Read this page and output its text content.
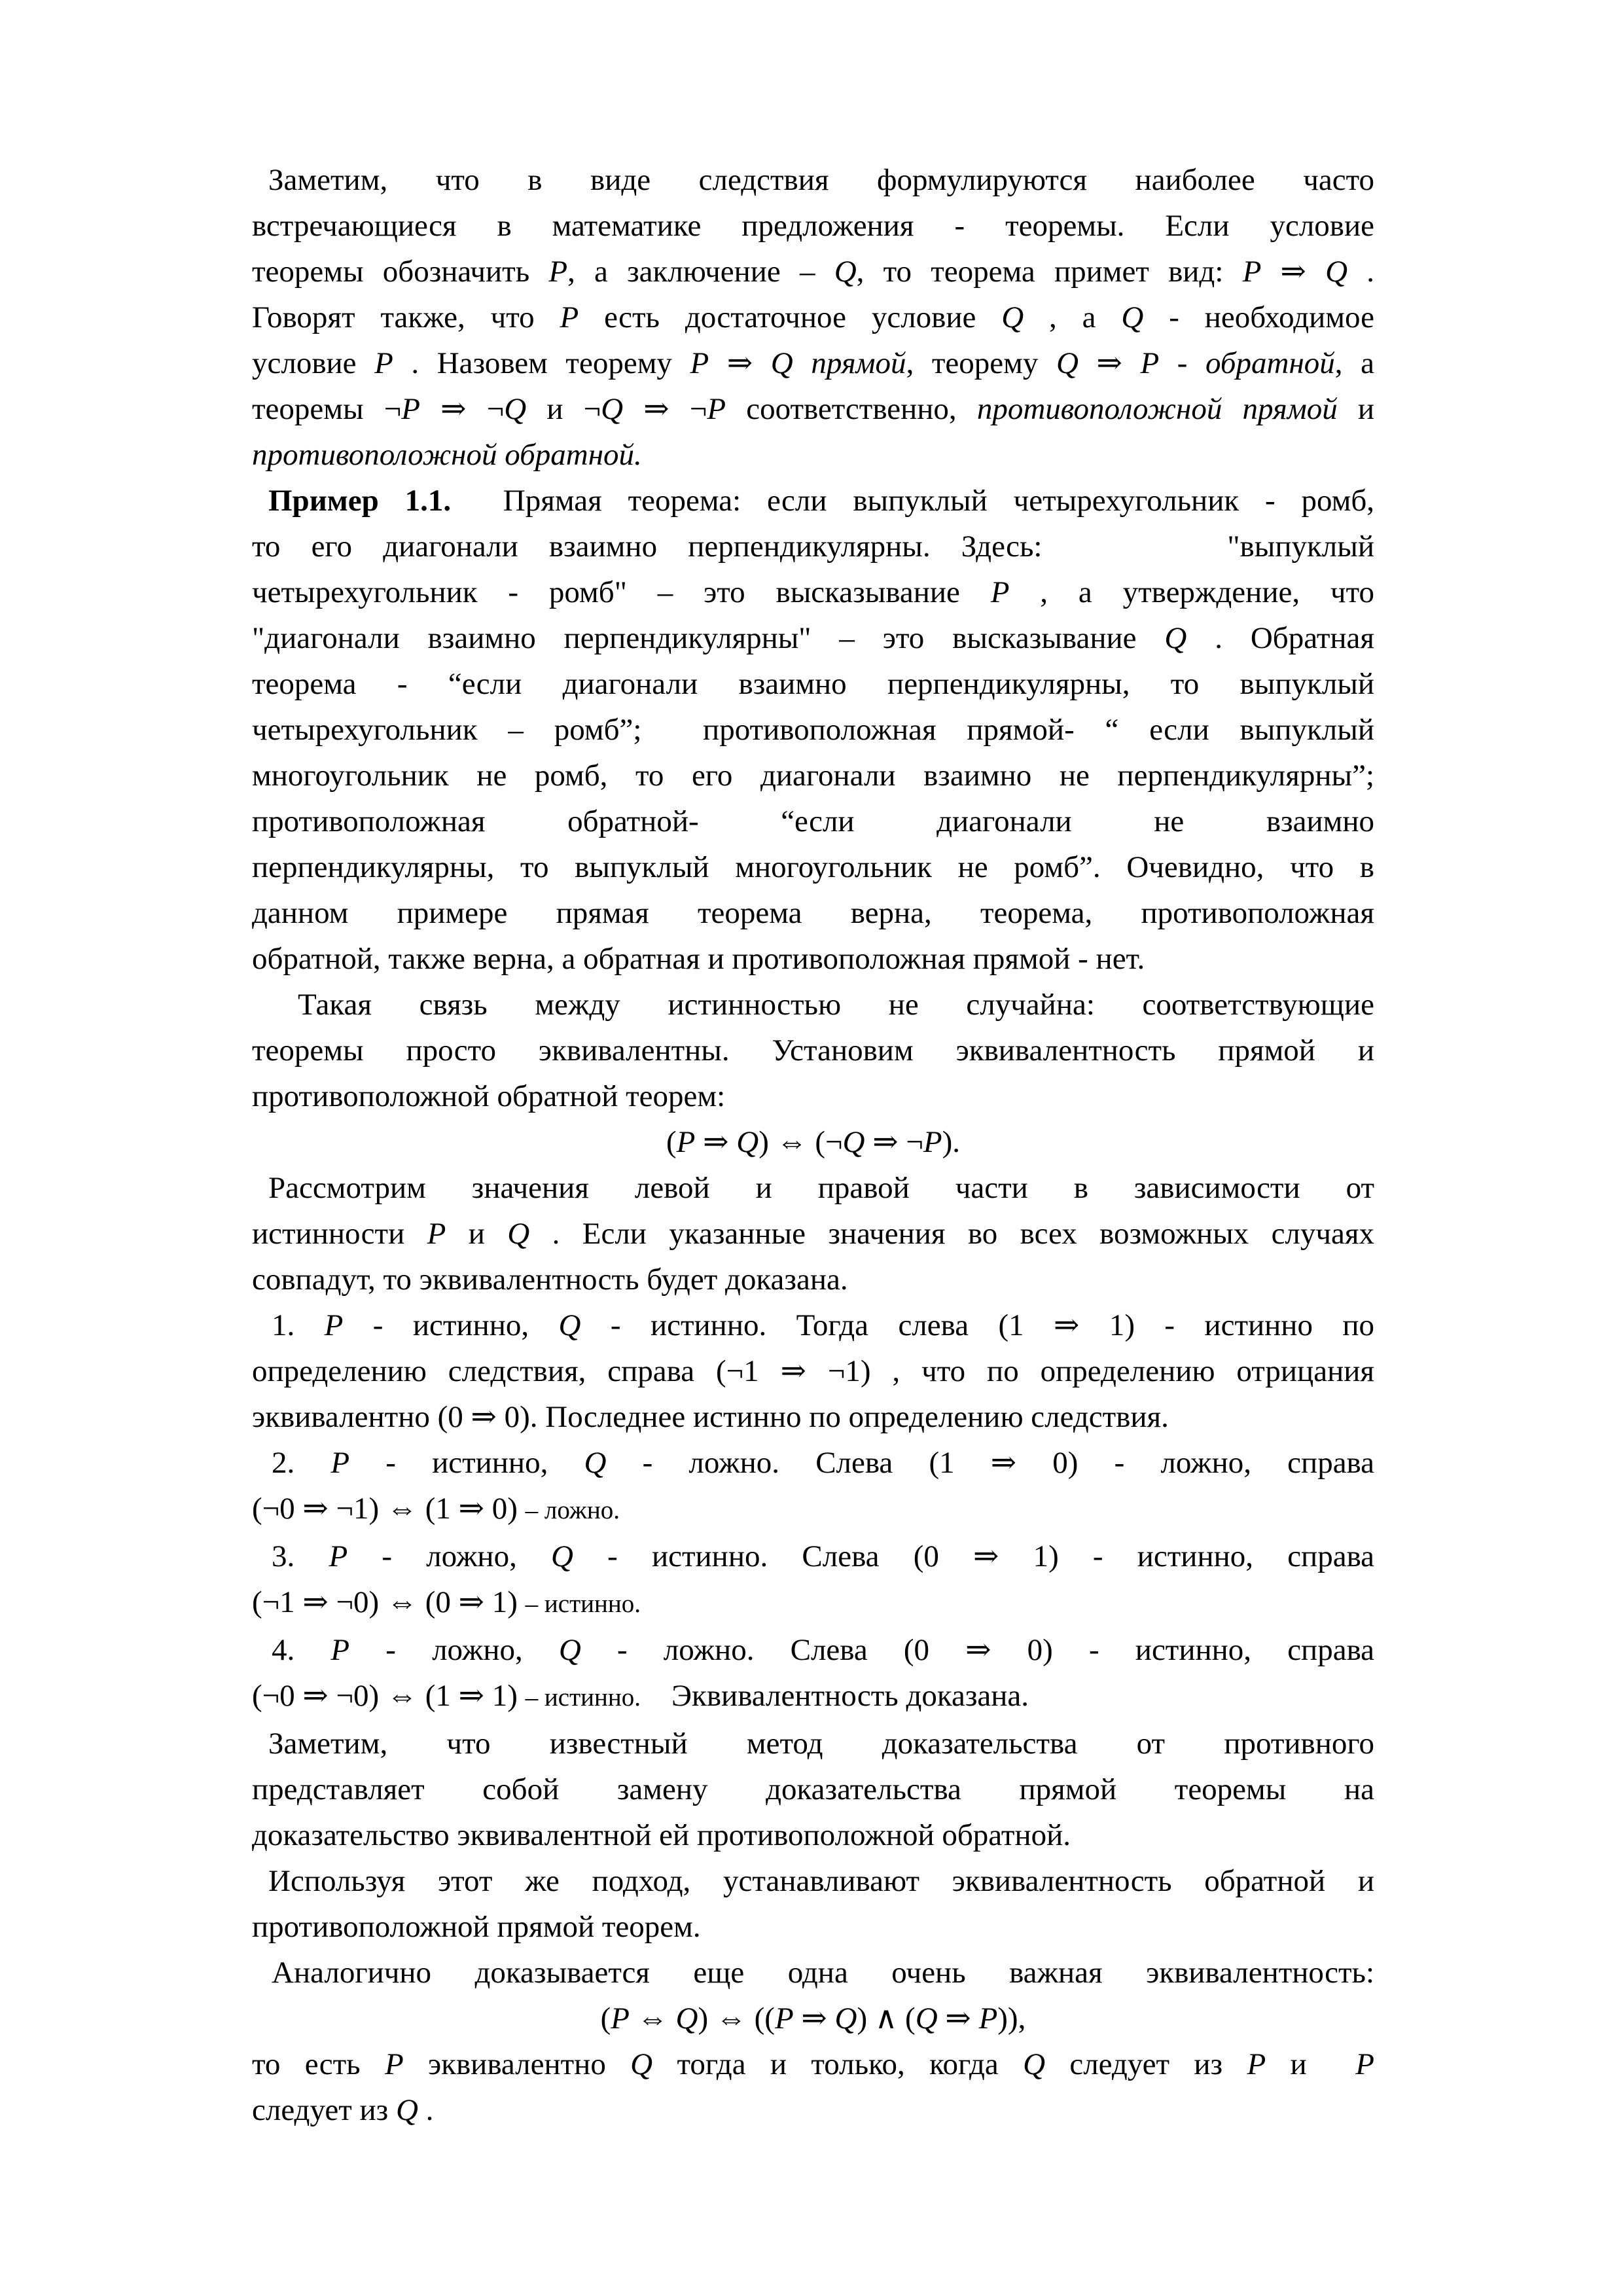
Заметим, что в виде следствия формулируются наиболее часто
встречающиеся в математике предложения - теоремы. Если условие
теоремы обозначить P, а заключение – Q, то теорема примет вид: P ⇒ Q .
Говорят также, что P есть достаточное условие Q , а Q - необходимое
условие P . Назовем теорему P ⇒ Q прямой, теорему Q ⇒ P - обратной, а
теоремы ¬P ⇒ ¬Q и ¬Q ⇒ ¬P соответственно, противоположной прямой и
противоположной обратной.
Пример 1.1.  Прямая теорема: если выпуклый четырехугольник - ромб,
то его диагонали взаимно перпендикулярны. Здесь:      "выпуклый
четырехугольник - ромб" – это высказывание P , а утверждение, что
"диагонали взаимно перпендикулярны" – это высказывание Q . Обратная
теорема - “если диагонали взаимно перпендикулярны, то выпуклый
четырехугольник – ромб”;  противоположная прямой- “ если выпуклый
многоугольник не ромб, то его диагонали взаимно не перпендикулярны”;
противоположная обратной- “если диагонали не взаимно
перпендикулярны, то выпуклый многоугольник не ромб”. Очевидно, что в
данном примере прямая теорема верна, теорема, противоположная
обратной, также верна, а обратная и противоположная прямой - нет.
Такая связь между истинностью не случайна: соответствующие
теоремы просто эквивалентны. Установим эквивалентность прямой и
противоположной обратной теорем:
(P ⇒ Q) ⇔ (¬Q ⇒ ¬P).
Рассмотрим значения левой и правой части в зависимости от
истинности P и Q . Если указанные значения во всех возможных случаях
совпадут, то эквивалентность будет доказана.
1. P - истинно, Q - истинно. Тогда слева (1 ⇒ 1) - истинно по
определению следствия, справа (¬1 ⇒ ¬1) , что по определению отрицания
эквивалентно (0 ⇒ 0). Последнее истинно по определению следствия.
2. P - истинно, Q - ложно. Слева (1 ⇒ 0) - ложно, справа
(¬0 ⇒ ¬1) ⇔ (1 ⇒ 0) – ложно.
3. P - ложно, Q - истинно. Слева (0 ⇒ 1) - истинно, справа
(¬1 ⇒ ¬0) ⇔ (0 ⇒ 1) – истинно.
4. P - ложно, Q - ложно. Слева (0 ⇒ 0) - истинно, справа
(¬0 ⇒ ¬0) ⇔ (1 ⇒ 1) – истинно.    Эквивалентность доказана.
Заметим, что известный метод доказательства от противного
представляет собой замену доказательства прямой теоремы на
доказательство эквивалентной ей противоположной обратной.
Используя этот же подход, устанавливают эквивалентность обратной и
противоположной прямой теорем.
Аналогично доказывается еще одна очень важная эквивалентность:
(P ⇔ Q) ⇔ ((P ⇒ Q) ∧ (Q ⇒ P)),
то есть P эквивалентно Q тогда и только, когда Q следует из P и  P
следует из Q .
